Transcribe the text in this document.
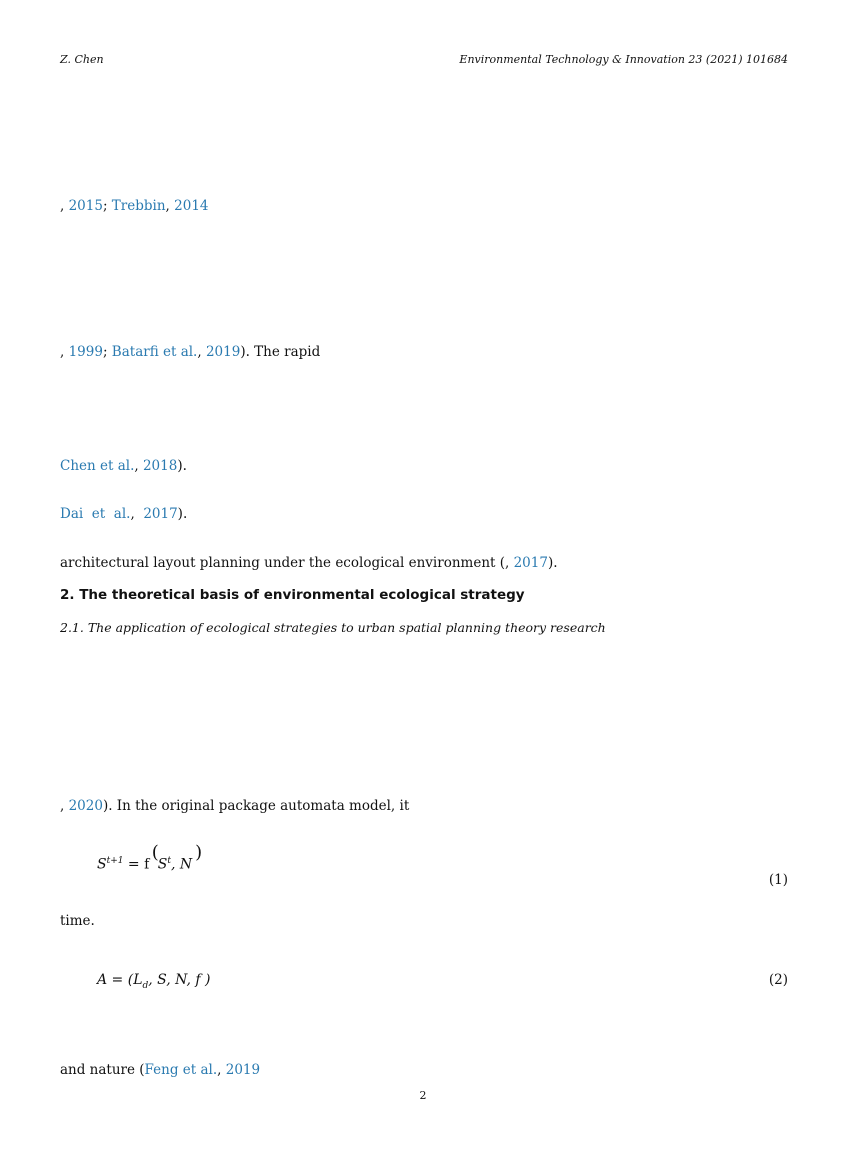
Z. Chen	Environmental Technology & Innovation 23 (2021) 101684
, 2015; Trebbin, 2014
, 1999; Batarfi et al., 2019). The rapid
Chen et al., 2018).
Dai  et  al.,  2017).
architectural layout planning under the ecological environment (, 2017).
2. The theoretical basis of environmental ecological strategy
2.1. The application of ecological strategies to urban spatial planning theory research
, 2020). In the original package automata model, it
$S^{t+1} = f$
(
$S^t$, N
)
(1)
time.
$A = (L_d$, S, N, f )	(2)
and nature (Feng et al., 2019
2
